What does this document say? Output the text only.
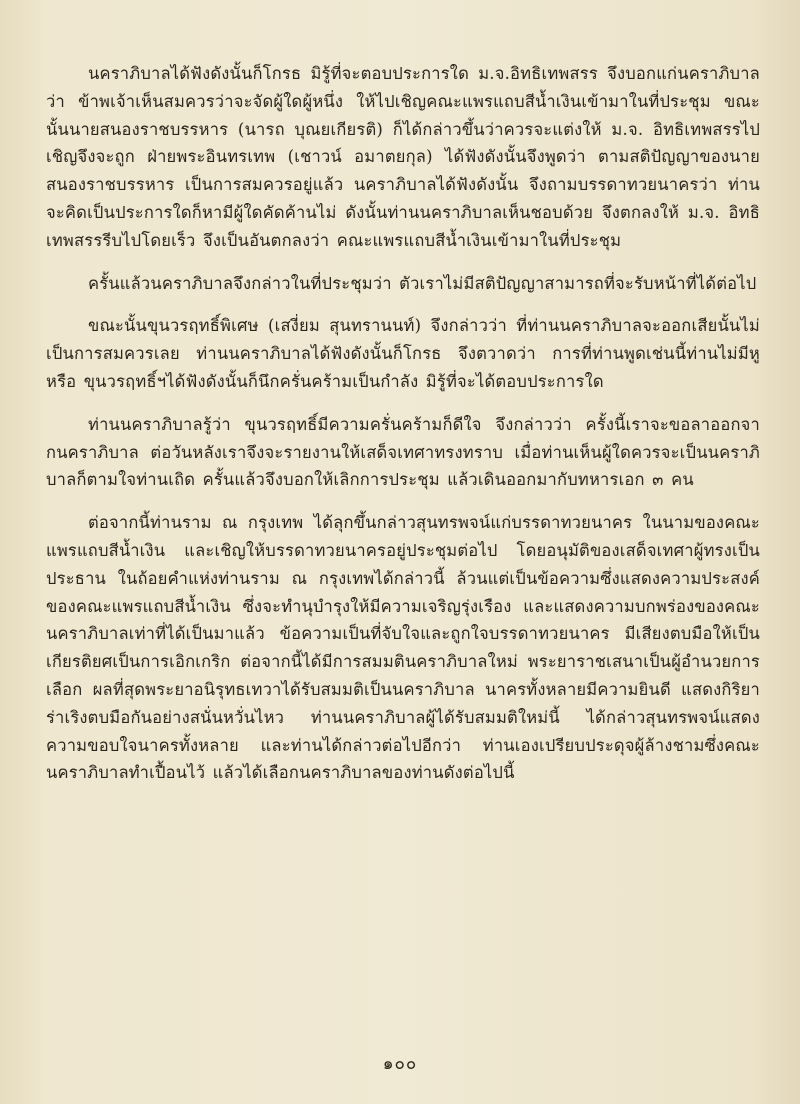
นคราภิบาลได้ฟังดังนั้นก็โกรธ มิรู้ที่จะตอบประการใด ม.จ.อิทธิเทพสรร จึงบอกแก่นคราภิบาลว่า ข้าพเจ้าเห็นสมควรว่าจะจัดผู้ใดผู้หนึ่ง ให้ไปเชิญคณะแพรแถบสีน้ำเงินเข้ามาในที่ประชุม ขณะนั้นนายสนองราชบรรหาร (นารถ บุณยเกียรติ) ก็ได้กล่าวขึ้นว่าควรจะแต่งให้ ม.จ. อิทธิเทพสรรไปเชิญจึงจะถูก ฝ่ายพระอินทรเทพ (เชาวน์ อมาตยกุล) ได้ฟังดังนั้นจึงพูดว่า ตามสติปัญญาของนายสนองราชบรรหาร เป็นการสมควรอยู่แล้ว นคราภิบาลได้ฟังดังนั้น จึงถามบรรดาทวยนาครว่า ท่านจะคิดเป็นประการใดก็หามีผู้ใดคัดค้านไม่ ดังนั้นท่านนคราภิบาลเห็นชอบด้วย จึงตกลงให้ ม.จ. อิทธิเทพสรรรีบไปโดยเร็ว จึงเป็นอันตกลงว่า คณะแพรแถบสีน้ำเงินเข้ามาในที่ประชุม

ครั้นแล้วนคราภิบาลจึงกล่าวในที่ประชุมว่า ตัวเราไม่มีสติปัญญาสามารถที่จะรับหน้าที่ได้ต่อไป

ขณะนั้นขุนวรฤทธิ์พิเศษ (เสงี่ยม สุนทรานนท์) จึงกล่าวว่า ที่ท่านนคราภิบาลจะออกเสียนั้นไม่เป็นการสมควรเลย ท่านนคราภิบาลได้ฟังดังนั้นก็โกรธ จึงตวาดว่า การที่ท่านพูดเช่นนี้ท่านไม่มีหูหรือ ขุนวรฤทธิ์ฯได้ฟังดังนั้นก็นึกครั่นคร้ามเป็นกำลัง มิรู้ที่จะได้ตอบประการใด

ท่านนคราภิบาลรู้ว่า ขุนวรฤทธิ์มีความครั่นคร้ามก็ดีใจ จึงกล่าวว่า ครั้งนี้เราจะขอลาออกจากนคราภิบาล ต่อวันหลังเราจึงจะรายงานให้เสด็จเทศาทรงทราบ เมื่อท่านเห็นผู้ใดควรจะเป็นนคราภิบาลก็ตามใจท่านเถิด ครั้นแล้วจึงบอกให้เลิกการประชุม แล้วเดินออกมากับทหารเอก ๓ คน

ต่อจากนี้ท่านราม ณ กรุงเทพ ได้ลุกขึ้นกล่าวสุนทรพจน์แก่บรรดาทวยนาคร ในนามของคณะแพรแถบสีน้ำเงิน และเชิญให้บรรดาทวยนาครอยู่ประชุมต่อไป โดยอนุมัติของเสด็จเทศาผู้ทรงเป็นประธาน ในถ้อยคำแห่งท่านราม ณ กรุงเทพได้กล่าวนี้ ล้วนแต่เป็นข้อความซึ่งแสดงความประสงค์ของคณะแพรแถบสีน้ำเงิน ซึ่งจะทำนุบำรุงให้มีความเจริญรุ่งเรือง และแสดงความบกพร่องของคณะนคราภิบาลเท่าที่ได้เป็นมาแล้ว ข้อความเป็นที่จับใจและถูกใจบรรดาทวยนาคร มีเสียงตบมือให้เป็นเกียรติยศเป็นการเอิกเกริก ต่อจากนี้ได้มีการสมมตินคราภิบาลใหม่ พระยาราชเสนาเป็นผู้อำนวยการเลือก ผลที่สุดพระยาอนิรุทธเทวาได้รับสมมติเป็นนคราภิบาล นาครทั้งหลายมีความยินดี แสดงกิริยาร่าเริงตบมือกันอย่างสนั่นหวั่นไหว ท่านนคราภิบาลผู้ได้รับสมมติใหม่นี้ ได้กล่าวสุนทรพจน์แสดงความขอบใจนาครทั้งหลาย และท่านได้กล่าวต่อไปอีกว่า ท่านเองเปรียบประดุจผู้ล้างชามซึ่งคณะนคราภิบาลทำเปื้อนไว้ แล้วได้เลือกนคราภิบาลของท่านดังต่อไปนี้

๑๐๐
